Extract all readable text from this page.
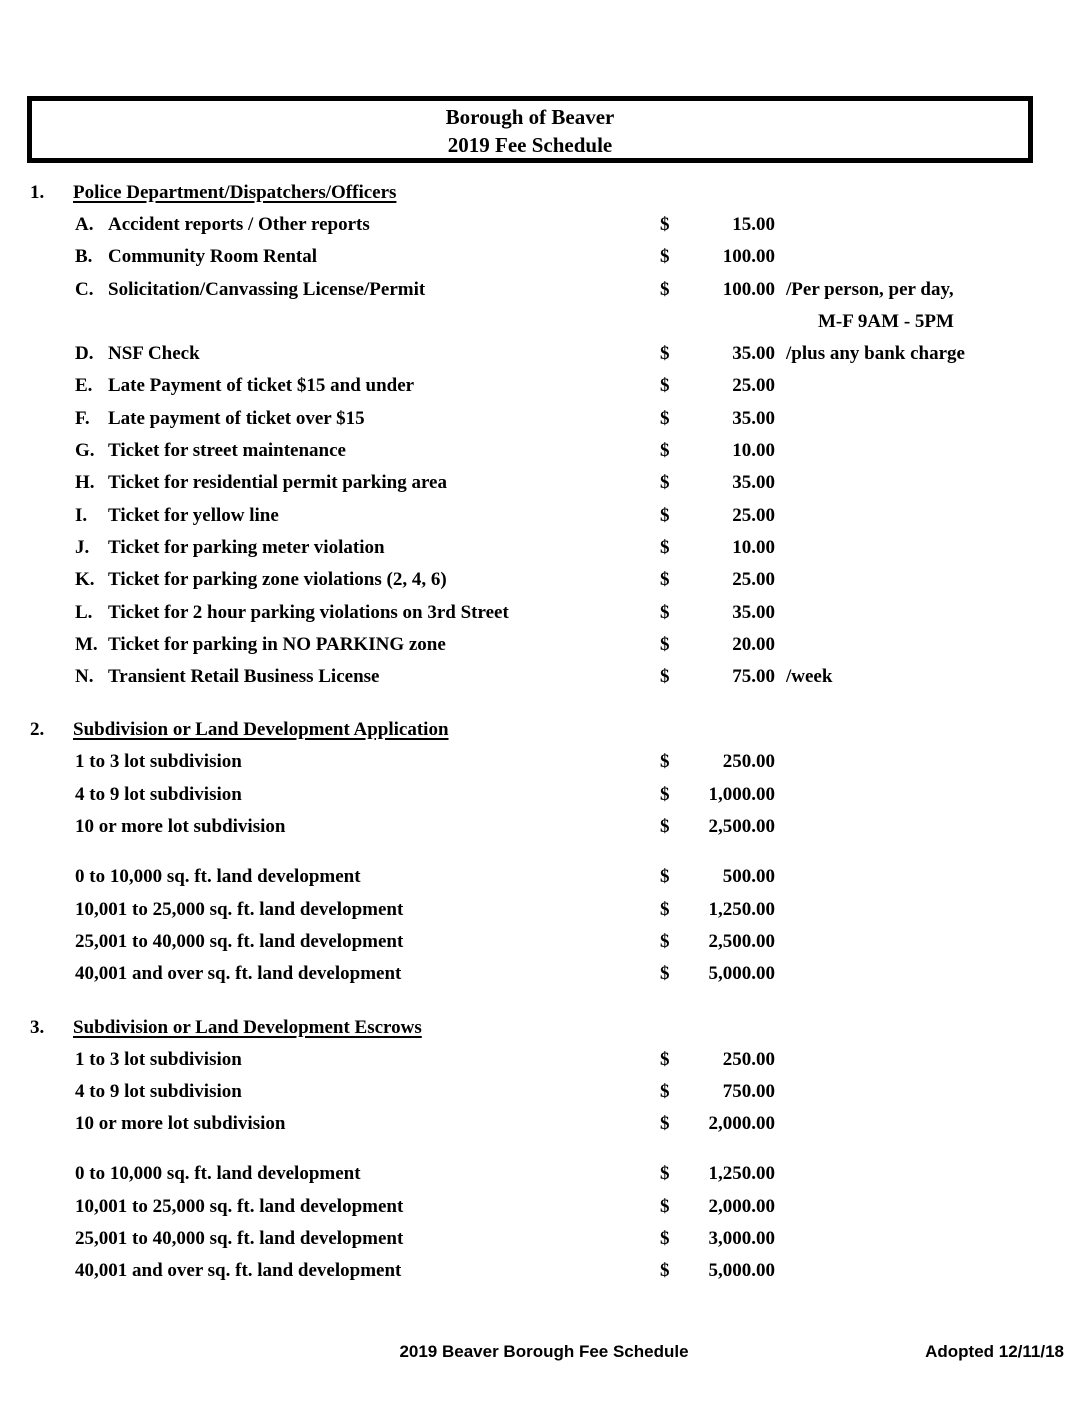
Borough of Beaver
2019 Fee Schedule
1. Police Department/Dispatchers/Officers
A. Accident reports / Other reports	$	15.00
B. Community Room Rental	$	100.00
C. Solicitation/Canvassing License/Permit	$	100.00 /Per person, per day,
M-F 9AM - 5PM
D. NSF Check	$	35.00 /plus any bank charge
E. Late Payment of ticket $15 and under	$	25.00
F. Late payment of ticket over $15	$	35.00
G. Ticket for street maintenance	$	10.00
H. Ticket for residential permit parking area	$	35.00
I. Ticket for yellow line	$	25.00
J. Ticket for parking meter violation	$	10.00
K. Ticket for parking zone violations (2, 4, 6)	$	25.00
L. Ticket for 2 hour parking violations on 3rd Street	$	35.00
M. Ticket for parking in NO PARKING zone	$	20.00
N. Transient Retail Business License	$	75.00 /week
2. Subdivision or Land Development Application
1 to 3 lot subdivision	$	250.00
4 to 9 lot subdivision	$	1,000.00
10 or more lot subdivision	$	2,500.00
0 to 10,000 sq. ft. land development	$	500.00
10,001 to 25,000 sq. ft. land development	$	1,250.00
25,001 to 40,000 sq. ft. land development	$	2,500.00
40,001 and over sq. ft. land development	$	5,000.00
3. Subdivision or Land Development Escrows
1 to 3 lot subdivision	$	250.00
4 to 9 lot subdivision	$	750.00
10 or more lot subdivision	$	2,000.00
0 to 10,000 sq. ft. land development	$	1,250.00
10,001 to 25,000 sq. ft. land development	$	2,000.00
25,001 to 40,000 sq. ft. land development	$	3,000.00
40,001 and over sq. ft. land development	$	5,000.00
2019 Beaver Borough Fee Schedule	Adopted 12/11/18
